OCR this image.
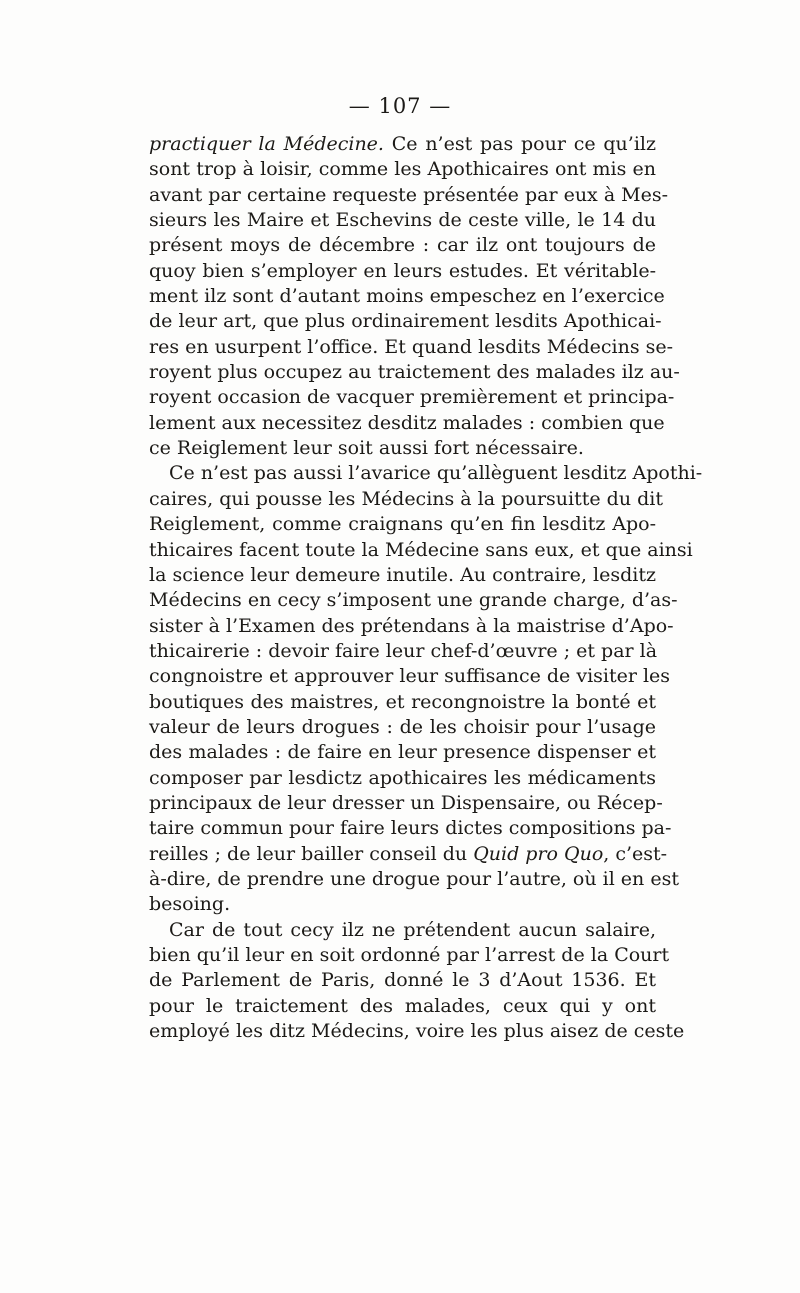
— 107 —
practiquer la Médecine. Ce n’est pas pour ce qu’ilz
sont trop à loisir, comme les Apothicaires ont mis en
avant par certaine requeste présentée par eux à Mes-
sieurs les Maire et Eschevins de ceste ville, le 14 du
présent moys de décembre : car ilz ont toujours de
quoy bien s’employer en leurs estudes. Et véritable-
ment ilz sont d’autant moins empeschez en l’exercice
de leur art, que plus ordinairement lesdits Apothicai-
res en usurpent l’office. Et quand lesdits Médecins se-
royent plus occupez au traictement des malades ilz au-
royent occasion de vacquer premièrement et principa-
lement aux necessitez desditz malades : combien que
ce Reiglement leur soit aussi fort nécessaire.
Ce n’est pas aussi l’avarice qu’allèguent lesditz Apothi-
caires, qui pousse les Médecins à la poursuitte du dit
Reiglement, comme craignans qu’en fin lesditz Apo-
thicaires facent toute la Médecine sans eux, et que ainsi
la science leur demeure inutile. Au contraire, lesditz
Médecins en cecy s’imposent une grande charge, d’as-
sister à l’Examen des prétendans à la maistrise d’Apo-
thicairerie : devoir faire leur chef-d’œuvre ; et par là
congnoistre et approuver leur suffisance de visiter les
boutiques des maistres, et recongnoistre la bonté et
valeur de leurs drogues : de les choisir pour l’usage
des malades : de faire en leur presence dispenser et
composer par lesdictz apothicaires les médicaments
principaux de leur dresser un Dispensaire, ou Récep-
taire commun pour faire leurs dictes compositions pa-
reilles ; de leur bailler conseil du Quid pro Quo, c’est-
à-dire, de prendre une drogue pour l’autre, où il en est
besoing.
Car de tout cecy ilz ne prétendent aucun salaire,
bien qu’il leur en soit ordonné par l’arrest de la Court
de Parlement de Paris, donné le 3 d’Aout 1536. Et
pour le traictement des malades, ceux qui y ont
employé les ditz Médecins, voire les plus aisez de ceste
